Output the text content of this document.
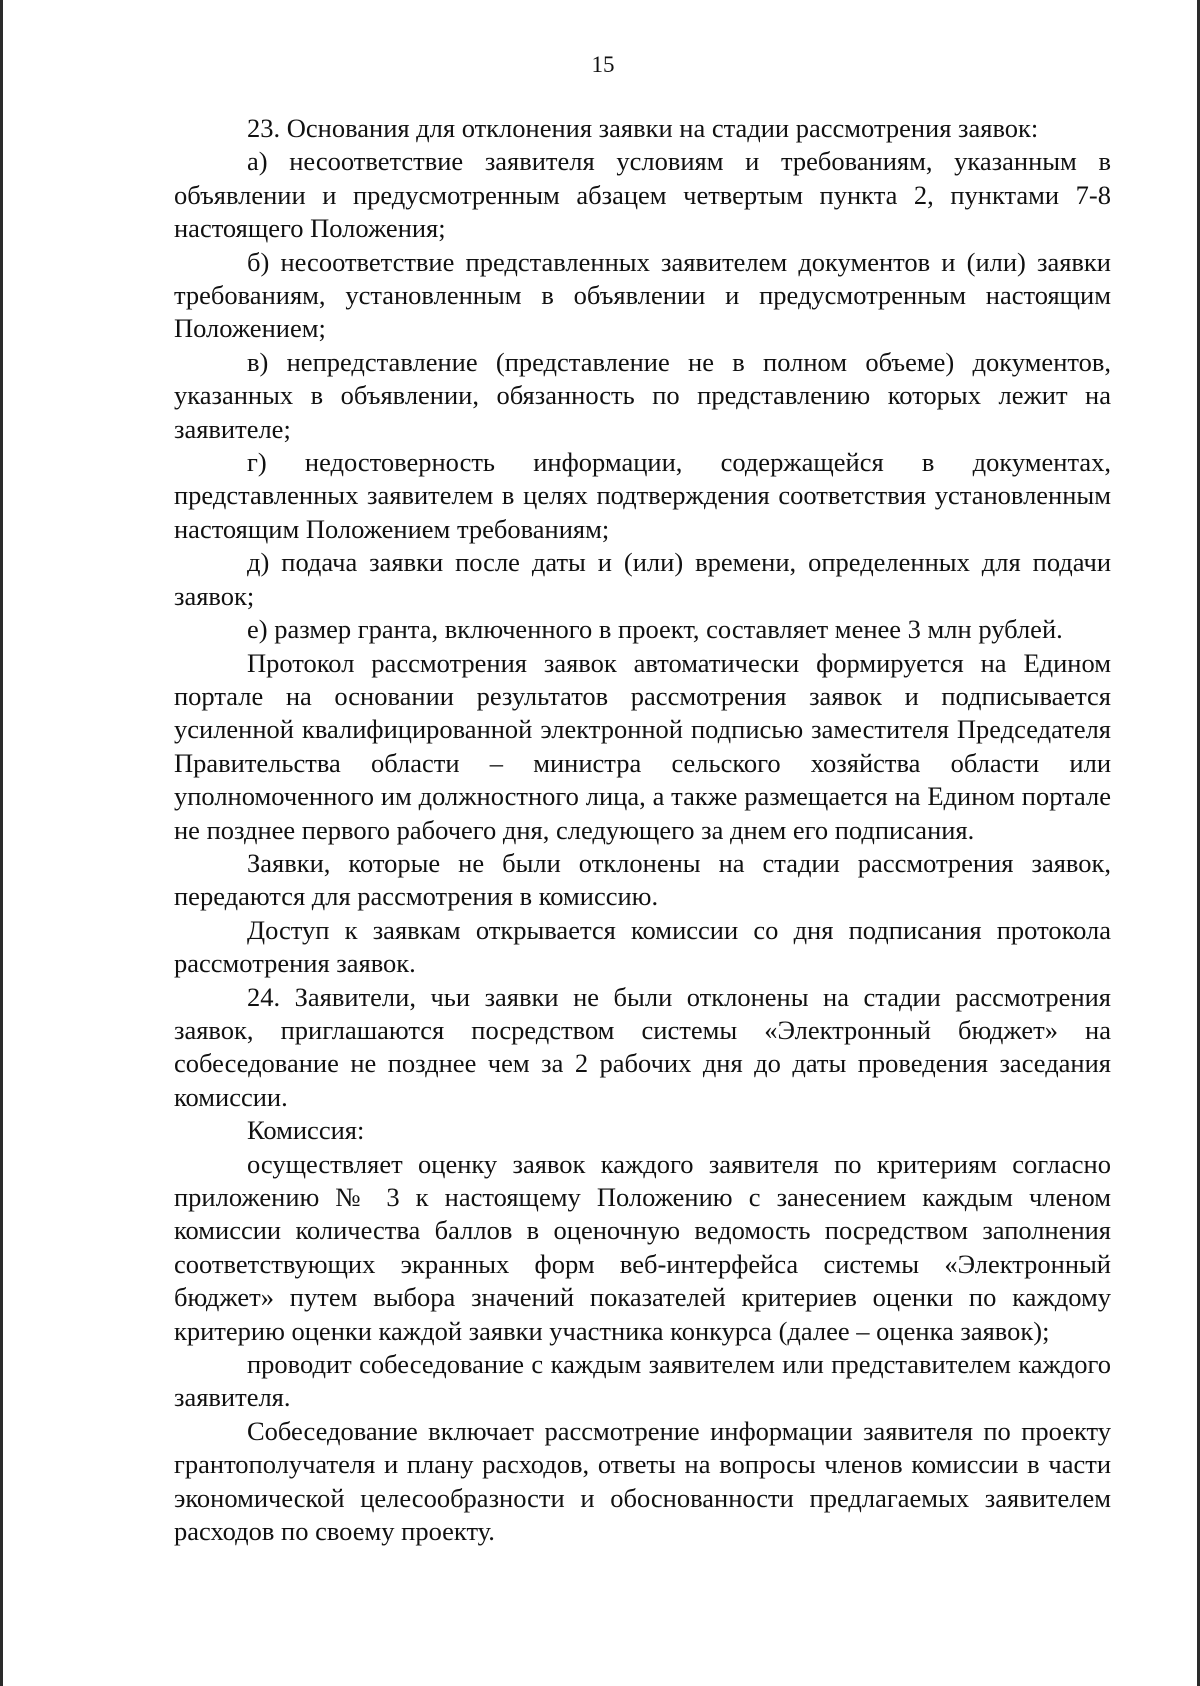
15

23. Основания для отклонения заявки на стадии рассмотрения заявок:

а) несоответствие заявителя условиям и требованиям, указанным в объявлении и предусмотренным абзацем четвертым пункта 2, пунктами 7-8 настоящего Положения;

б) несоответствие представленных заявителем документов и (или) заявки требованиям, установленным в объявлении и предусмотренным настоящим Положением;

в) непредставление (представление не в полном объеме) документов, указанных в объявлении, обязанность по представлению которых лежит на заявителе;

г) недостоверность информации, содержащейся в документах, представленных заявителем в целях подтверждения соответствия установленным настоящим Положением требованиям;

д) подача заявки после даты и (или) времени, определенных для подачи заявок;

е) размер гранта, включенного в проект, составляет менее 3 млн рублей.

Протокол рассмотрения заявок автоматически формируется на Едином портале на основании результатов рассмотрения заявок и подписывается усиленной квалифицированной электронной подписью заместителя Председателя Правительства области – министра сельского хозяйства области или уполномоченного им должностного лица, а также размещается на Едином портале не позднее первого рабочего дня, следующего за днем его подписания.

Заявки, которые не были отклонены на стадии рассмотрения заявок, передаются для рассмотрения в комиссию.

Доступ к заявкам открывается комиссии со дня подписания протокола рассмотрения заявок.

24. Заявители, чьи заявки не были отклонены на стадии рассмотрения заявок, приглашаются посредством системы «Электронный бюджет» на собеседование не позднее чем за 2 рабочих дня до даты проведения заседания комиссии.

Комиссия:

осуществляет оценку заявок каждого заявителя по критериям согласно приложению № 3 к настоящему Положению с занесением каждым членом комиссии количества баллов в оценочную ведомость посредством заполнения соответствующих экранных форм веб-интерфейса системы «Электронный бюджет» путем выбора значений показателей критериев оценки по каждому критерию оценки каждой заявки участника конкурса (далее – оценка заявок);

проводит собеседование с каждым заявителем или представителем каждого заявителя.

Собеседование включает рассмотрение информации заявителя по проекту грантополучателя и плану расходов, ответы на вопросы членов комиссии в части экономической целесообразности и обоснованности предлагаемых заявителем расходов по своему проекту.
